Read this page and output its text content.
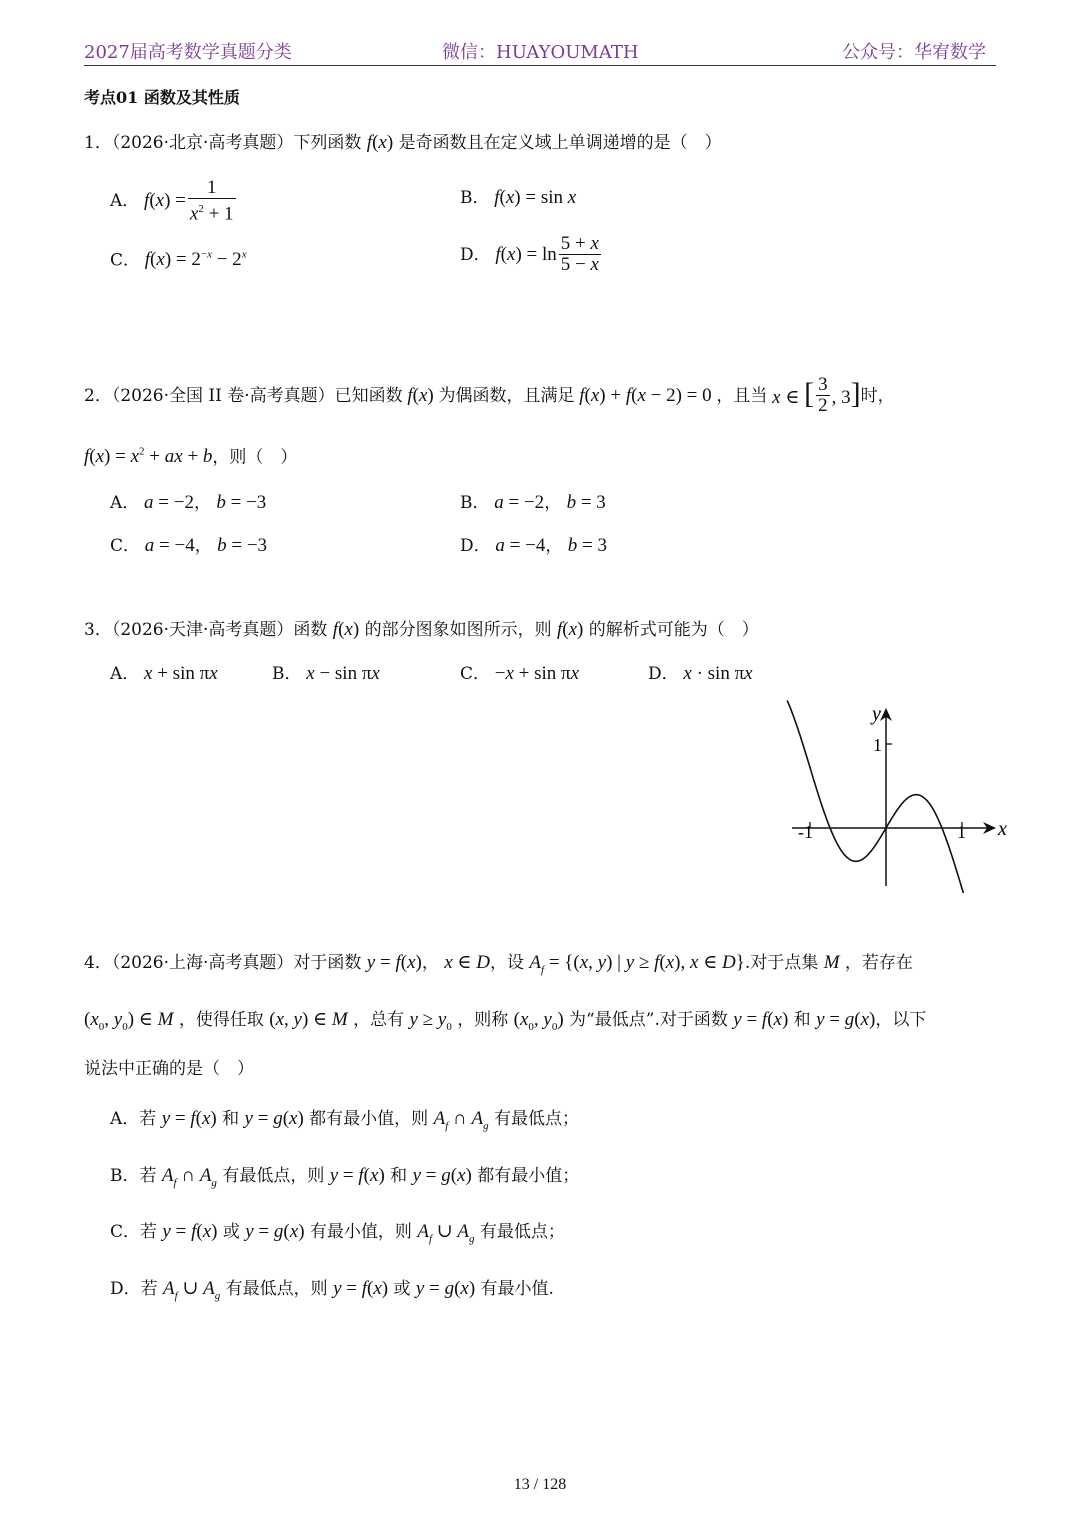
2027届高考数学真题分类	微信：HUAYOUMATH	公众号：华宥数学
考点01 函数及其性质
1．（2026·北京·高考真题）下列函数 f(x) 是奇函数且在定义域上单调递增的是（　）
A． $f(x) = \frac{1}{x^2 + 1}$	B． f(x) = sin x
C． $f(x) = 2^{-x} - 2^x$	D． $f(x) = \ln \frac{5 + x}{5 - x}$
2．（2026·全国 II 卷·高考真题）已知函数 f(x) 为偶函数，且满足 f(x) + f(x − 2) = 0 ，且当 x ∈ [ $\frac{3}{2}$ , 3] 时，
$f(x) = x^2$ + ax + b，则（　）
A． a = −2， b = −3	B． a = −2， b = 3
C． a = −4， b = −3	D． a = −4， b = 3
3．（2026·天津·高考真题）函数 f(x) 的部分图象如图所示，则 f(x) 的解析式可能为（　）
A． x + sin πx	B． x − sin πx	C． −x + sin πx	D． x · sin πx
y
x
1
-1	1
4．（2026·上海·高考真题）对于函数 y = f(x)， x ∈ D，设 $A_f = \{(x$, y) | y ≥ f(x), x ∈ D}.对于点集 M ，若存在
($x_0$, $y_0$) ∈ M ，使得任取 (x, y) ∈ M ，总有 $y \ge y_0$ ，则称 ($x_0$, $y_0$) 为“最低点”.对于函数 y = f(x) 和 y = g(x)，以下
说法中正确的是（　）
A．若 y = f(x) 和 y = g(x) 都有最小值，则 $A_f$ ∩ $A_g$ 有最低点；
B．若 $A_f$ ∩ $A_g$ 有最低点，则 y = f(x) 和 y = g(x) 都有最小值；
C．若 y = f(x) 或 y = g(x) 有最小值，则 $A_f$ ∪ $A_g$ 有最低点；
D．若 $A_f$ ∪ $A_g$ 有最低点，则 y = f(x) 或 y = g(x) 有最小值.
13 / 128
